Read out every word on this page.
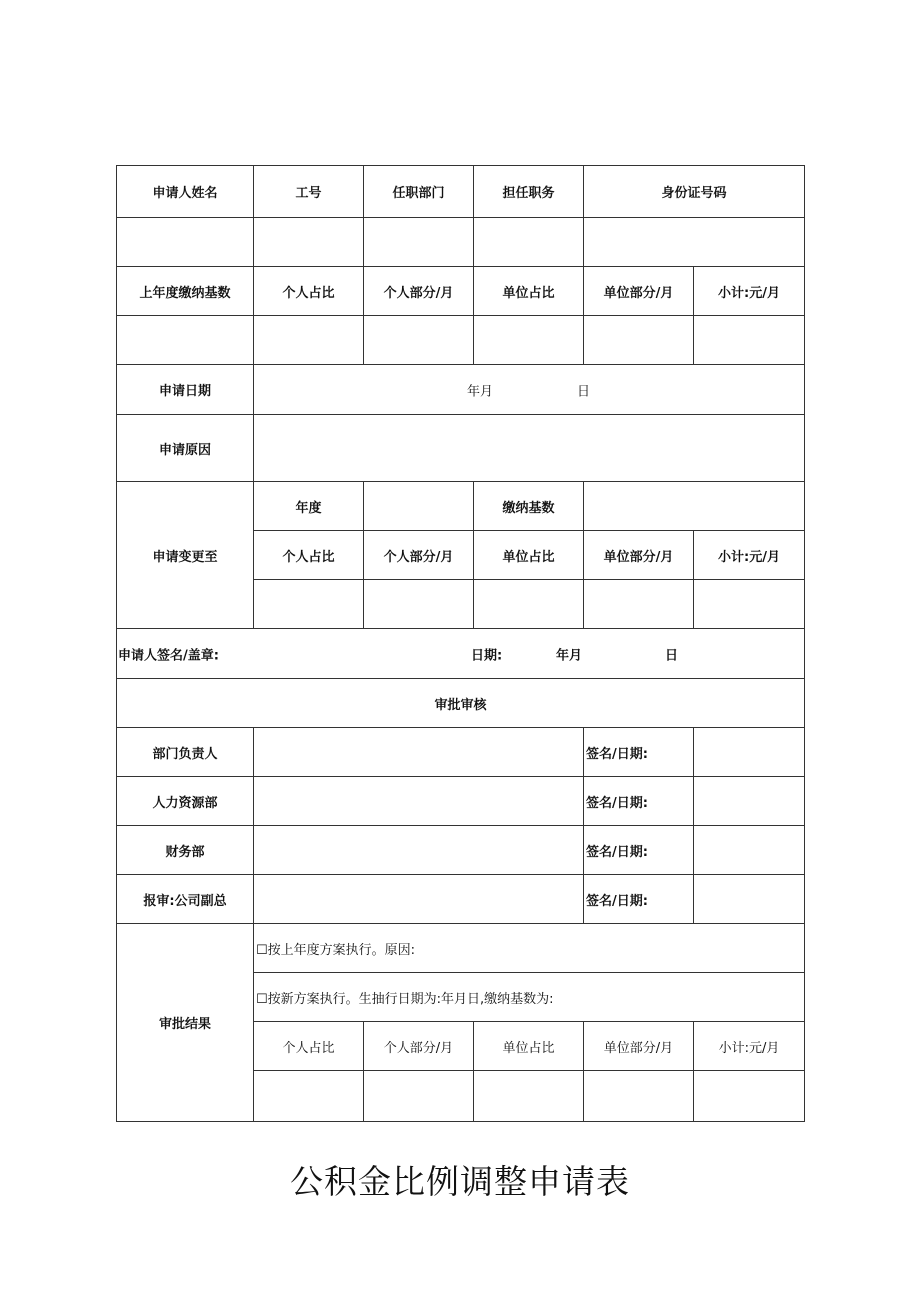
申请人姓名	工号	任职部门	担任职务	身份证号码	

上年度缴纳基数	个人占比	个人部分/月	单位占比	单位部分/月	小计:元/月

申请日期	年月 日				

申请原因					
申请变更至	年度		缴纳基数		
	个人占比	个人部分/月	单位占比	单位部分/月	小计:元/月

申请人签名/盖章: 日期: 年月 日					

审批审核					
部门负责人				签名/日期:	
人力资源部				签名/日期:	
财务部				签名/日期:	
报审:公司副总				签名/日期:	
审批结果	☐按上年度方案执行。原因:				
	☐按新方案执行。生抽行日期为:年月日,缴纳基数为:				
	个人占比	个人部分/月	单位占比	单位部分/月	小计:元/月

公积金比例调整申请表
